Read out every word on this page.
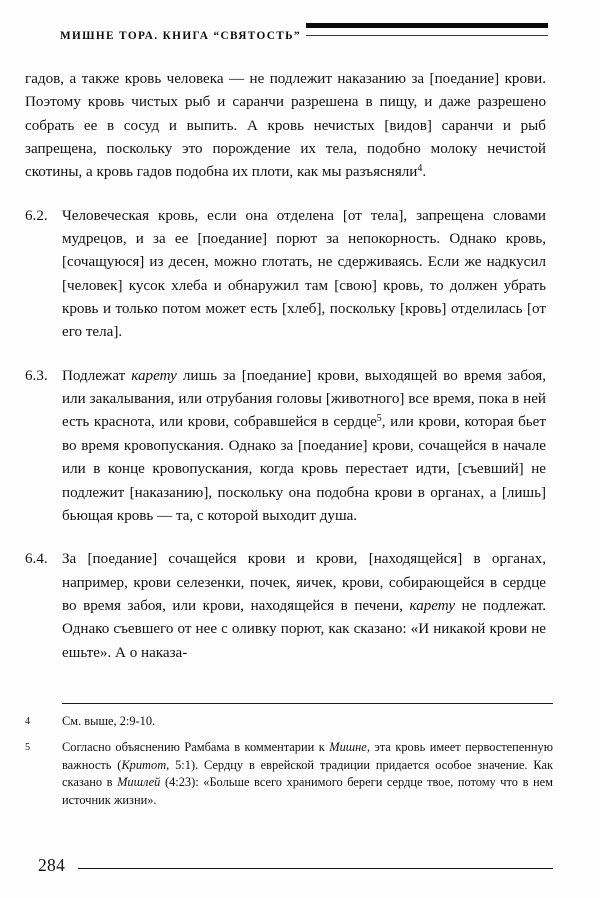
МИШНЕ ТОРА. КНИГА “СВЯТОСТЬ”

гадов, а также кровь человека — не подлежит наказанию за [поедание] крови. Поэтому кровь чистых рыб и саранчи разрешена в пищу, и даже разрешено собрать ее в сосуд и выпить. А кровь нечистых [видов] саранчи и рыб запрещена, поскольку это порождение их тела, подобно молоку нечистой скотины, а кровь гадов подобна их плоти, как мы разъясняли$^4$.

6.2. Человеческая кровь, если она отделена [от тела], запрещена словами мудрецов, и за ее [поедание] порют за непокорность. Однако кровь, [сочащуюся] из десен, можно глотать, не сдерживаясь. Если же надкусил [человек] кусок хлеба и обнаружил там [свою] кровь, то должен убрать кровь и только потом может есть [хлеб], поскольку [кровь] отделилась [от его тела].

6.3. Подлежат карету лишь за [поедание] крови, выходящей во время забоя, или закалывания, или отрубания головы [животного] все время, пока в ней есть краснота, или крови, собравшейся в сердце$^5$, или крови, которая бьет во время кровопускания. Однако за [поедание] крови, сочащейся в начале или в конце кровопускания, когда кровь перестает идти, [съевший] не подлежит [наказанию], поскольку она подобна крови в органах, а [лишь] бьющая кровь — та, с которой выходит душа.

6.4. За [поедание] сочащейся крови и крови, [находящейся] в органах, например, крови селезенки, почек, яичек, крови, собирающейся в сердце во время забоя, или крови, находящейся в печени, карету не подлежат. Однако съевшего от нее с оливку порют, как сказано: «И никакой крови не ешьте». А о наказа-

4	См. выше, 2:9-10.
5	Согласно объяснению Рамбама в комментарии к Мишне, эта кровь имеет первостепенную важность (Критот, 5:1). Сердцу в еврейской традиции придается особое значение. Как сказано в Мишлей (4:23): «Больше всего хранимого береги сердце твое, потому что в нем источник жизни».
284
